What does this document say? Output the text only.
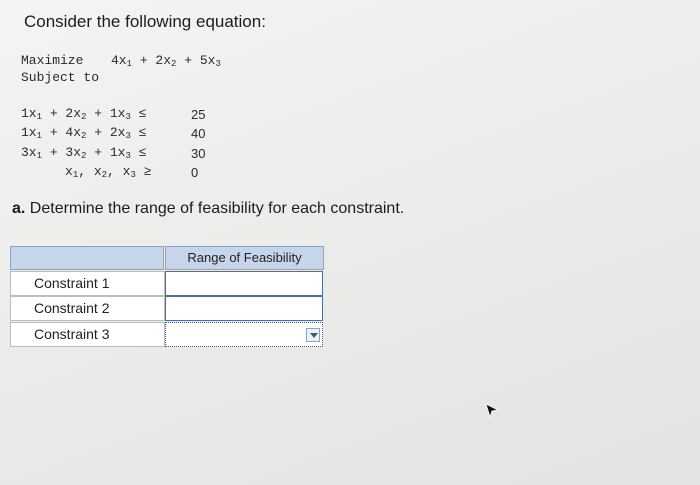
Consider the following equation:
Maximize $4x_1 + 2x_2 + 5x_3$
Subject to
$1x_1 + 2x_2 + 1x_3$ ≤	25
$1x_1 + 4x_2 + 2x_3$ ≤	40
$3x_1 + 3x_2 + 1x_3$ ≤	30
$x_1$, $x_2$, $x_3$ ≥	0
a. Determine the range of feasibility for each constraint.
Range of Feasibility
Constraint 1
Constraint 2
Constraint 3
